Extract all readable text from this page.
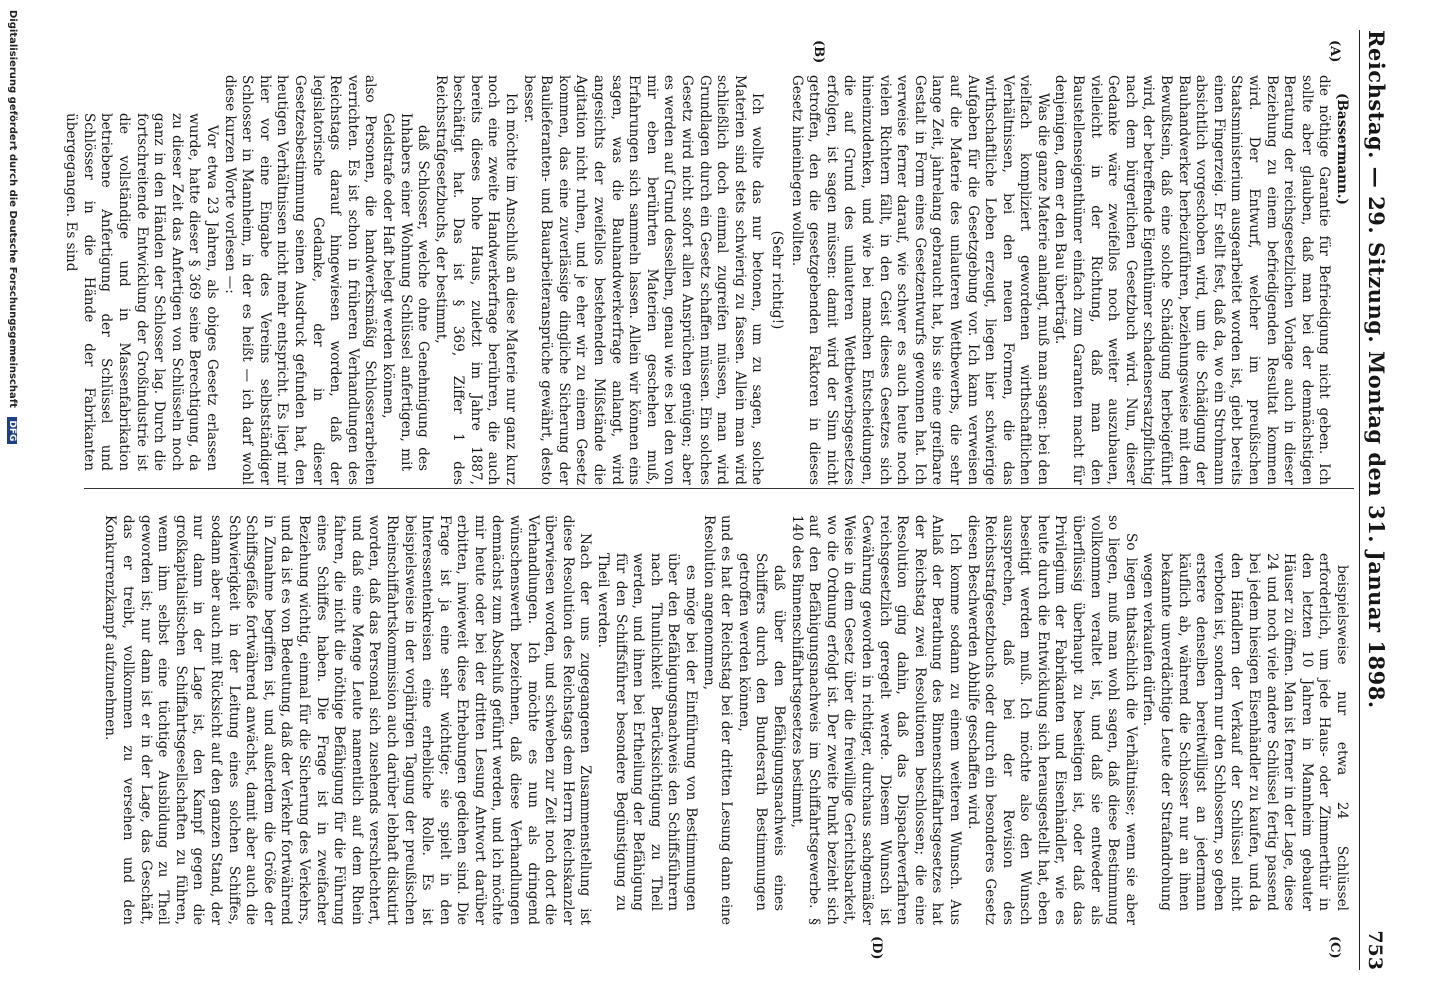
Digitalisierung gefördert durch die Deutsche Forschungsgemeinschaft DFG	Reichstag. — 29. Sitzung. Montag den 31. Januar 1898.
753
(A)
(B)
(C)
(D)

(Bassermann.)

die nöthige Garantie für Befriedigung nicht geben. Ich sollte aber glauben, daß man bei der demnächstigen Beratung der reichsgesetzlichen Vorlage auch in dieser Beziehung zu einem befriedigenden Resultat kommen wird. Der Entwurf, welcher im preußischen Staatsministerium ausgearbeitet worden ist, giebt bereits einen Fingerzeig. Er stellt fest, daß da, wo ein Strohmann absichtlich vorgeschoben wird, um die Schädigung der Bauhandwerker herbeizuführen, beziehungsweise mit dem Bewußtsein, daß eine solche Schädigung herbeigeführt wird, der betreffende Eigenthümer schadensersatzpflichtig nach dem bürgerlichen Gesetzbuch wird. Nun, dieser Gedanke wäre zweifellos noch weiter auszubauen, vielleicht in der Richtung, daß man den Baustellenseigenthümer einfach zum Garanten macht für denjenigen, dem er den Bau überträgt.

Was die ganze Materie anlangt, muß man sagen: bei den vielfach kompliziert gewordenen wirthschaftlichen Verhältnissen, bei den neuen Formen, die das wirthschaftliche Leben erzeugt, liegen hier schwierige Aufgaben für die Gesetzgebung vor. Ich kann verweisen auf die Materie des unlauteren Wettbewerbs, die sehr lange Zeit, jahrelang gebraucht hat, bis sie eine greifbare Gestalt in Form eines Gesetzentwurfs gewonnen hat. Ich verweise ferner darauf, wie schwer es auch heute noch vielen Richtern fällt, in den Geist dieses Gesetzes sich hineinzudenken, und wie bei manchen Entscheidungen, die auf Grund des unlauteren Wettbewerbsgesetzes erfolgen, ist sagen müssen: damit wird der Sinn nicht getroffen, den die gesetzgebenden Faktoren in dieses Gesetz hineinlegen wollten.

(Sehr richtig!)

Ich wollte das nur betonen, um zu sagen, solche Materien sind stets schwierig zu fassen. Allein man wird schließlich doch einmal zugreifen müssen, man wird Grundlagen durch ein Gesetz schaffen müssen. Ein solches Gesetz wird nicht sofort allen Ansprüchen genügen; aber es werden auf Grund desselben, genau wie es bei den von mir eben berührten Materien geschehen muß, Erfahrungen sich sammeln lassen. Allein wir können eins sagen, was die Bauhandwerkerfrage anlangt, wird angesichts der zweifellos bestehenden Mißstände die Agitation nicht ruhen, und je eher wir zu einem Gesetz kommen, das eine zuverlässige dingliche Sicherung der Baulieferanten- und Bauarbeiteransprüche gewährt, desto besser.

Ich möchte im Anschluß an diese Materie nur ganz kurz noch eine zweite Handwerkerfrage berühren, die auch bereits dieses hohe Haus, zuletzt im Jahre 1887, beschäftigt hat. Das ist § 369, Ziffer 1 des Reichsstrafgesetzbuchs, der bestimmt,

daß Schlosser, welche ohne Genehmigung des Inhabers einer Wohnung Schlüssel anfertigen, mit Geldstrafe oder Haft belegt werden können,

also Personen, die handwerksmäßig Schlosserarbeiten verrichten. Es ist schon in früheren Verhandlungen des Reichstags darauf hingewiesen worden, daß der legislatorische Gedanke, der in dieser Gesetzesbestimmung seinen Ausdruck gefunden hat, den heutigen Verhältnissen nicht mehr entspricht. Es liegt mir hier vor eine Eingabe des Vereins selbstständiger Schlosser in Mannheim, in der es heißt — ich darf wohl diese kurzen Worte vorlesen —:

Vor etwa 23 Jahren, als obiges Gesetz erlassen wurde, hatte dieser § 369 seine Berechtigung, da zu dieser Zeit das Anfertigen von Schlüsseln noch ganz in den Händen der Schlosser lag. Durch die fortschreitende Entwicklung der Großindustrie ist die vollständige und in Massenfabrikation betriebene Anfertigung der Schlüssel und Schlösser in die Hände der Fabrikanten übergegangen. Es sind

beispielsweise nur etwa 24 Schlüssel erforderlich, um jede Haus- oder Zimmerthür in den letzten 10 Jahren in Mannheim gebauter Häuser zu öffnen. Man ist ferner in der Lage, diese 24 und noch viele andere Schlüssel fertig passend bei jedem hiesigen Eisenhändler zu kaufen, und da den Händlern der Verkauf der Schlüssel nicht verboten ist, sondern nur den Schlossern, so geben erstere denselben bereitwilligst an jedermann käuflich ab, während die Schlosser nur an ihnen bekannte unverdächtige Leute der Strafandrohung wegen verkaufen dürfen.

So liegen thatsächlich die Verhältnisse; wenn sie aber so liegen, muß man wohl sagen, daß diese Bestimmung vollkommen veraltet ist, und daß sie entweder als überflüssig überhaupt zu beseitigen ist, oder daß das Privilegium der Fabrikanten und Eisenhändler, wie es heute durch die Entwicklung sich herausgestellt hat, eben beseitigt werden muß. Ich möchte also den Wunsch aussprechen, daß bei der Revision des Reichsstrafgesetzbuchs oder durch ein besonderes Gesetz diesen Beschwerden Abhilfe geschaffen wird.

Ich komme sodann zu einem weiteren Wunsch. Aus Anlaß der Berathung des Binnenschiffahrtsgesetzes hat der Reichstag zwei Resolutionen beschlossen; die eine Resolution ging dahin, daß das Dispacheverfahren reichsgesetzlich geregelt werde. Diesem Wunsch ist Gewährung geworden in richtiger, durchaus sachgemäßer Weise in dem Gesetz über die freiwillige Gerichtsbarkeit, wo die Ordnung erfolgt ist. Der zweite Punkt bezieht sich auf den Befähigungsnachweis im Schiffahrtsgewerbe. § 140 des Binnenschiffahrtsgesetzes bestimmt,

daß über den Befähigungsnachweis eines Schiffers durch den Bundesrath Bestimmungen getroffen werden können,

und es hat der Reichstag bei der dritten Lesung dann eine Resolution angenommen,

es möge bei der Einführung von Bestimmungen über den Befähigungsnachweis den Schiffsführern nach Thunlichkeit Berücksichtigung zu Theil werden, und ihnen bei Ertheilung der Befähigung für den Schiffsführer besondere Begünstigung zu Theil werden.

Nach der uns zugegangenen Zusammenstellung ist diese Resolution des Reichstags dem Herrn Reichskanzler überwiesen worden, und schweben zur Zeit noch dort die Verhandlungen. Ich möchte es nun als dringend wünschenswerth bezeichnen, daß diese Verhandlungen demnächst zum Abschluß geführt werden, und ich möchte mir heute oder bei der dritten Lesung Antwort darüber erbitten, inwieweit diese Erhebungen gediehen sind. Die Frage ist ja eine sehr wichtige; sie spielt in den Interessentenkreisen eine erhebliche Rolle. Es ist beispielsweise in der vorjährigen Tagung der preußischen Rheinschiffahrtskommission auch darüber lebhaft diskutirt worden, daß das Personal sich zusehends verschlechtert, und daß eine Menge Leute namentlich auf dem Rhein fahren, die nicht die nöthige Befähigung für die Führung eines Schiffes haben. Die Frage ist in zweifacher Beziehung wichtig, einmal für die Sicherung des Verkehrs, und da ist es von Bedeutung, daß der Verkehr fortwährend in Zunahme begriffen ist, und außerdem die Größe der Schiffsgefäße fortwährend anwächst, damit aber auch die Schwierigkeit in der Leitung eines solchen Schiffes, sodann aber auch mit Rücksicht auf den ganzen Stand, der nur dann in der Lage ist, den Kampf gegen die großkapitalistischen Schiffahrtsgesellschaften zu führen, wenn ihm selbst eine tüchtige Ausbildung zu Theil geworden ist; nur dann ist er in der Lage, das Geschäft, das er treibt, vollkommen zu versehen und den Konkurrenzkampf aufzunehmen.
